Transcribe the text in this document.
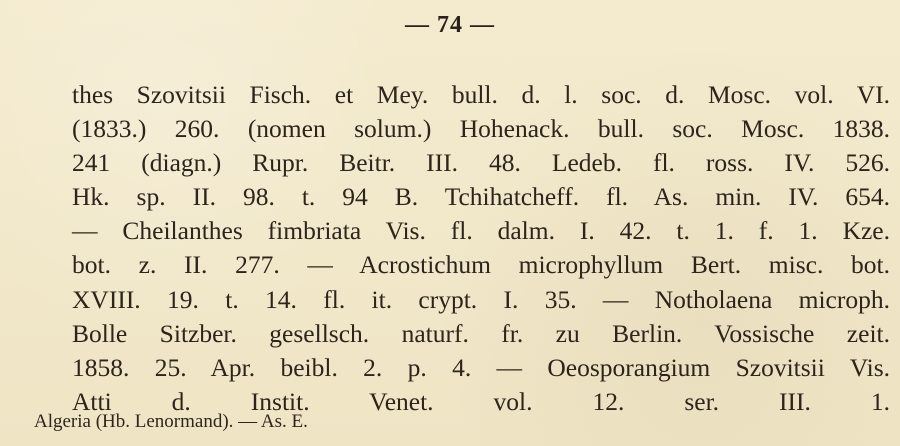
— 74 —
thes Szovitsii Fisch. et Mey. bull. d. l. soc. d. Mosc. vol. VI.
(1833.) 260. (nomen solum.) Hohenack. bull. soc. Mosc. 1838.
241 (diagn.) Rupr. Beitr. III. 48. Ledeb. fl. ross. IV. 526.
Hk. sp. II. 98. t. 94 B. Tchihatcheff. fl. As. min. IV. 654.
— Cheilanthes fimbriata Vis. fl. dalm. I. 42. t. 1. f. 1. Kze.
bot. z. II. 277. — Acrostichum microphyllum Bert. misc. bot.
XVIII. 19. t. 14. fl. it. crypt. I. 35. — Notholaena microph.
Bolle Sitzber. gesellsch. naturf. fr. zu Berlin. Vossische zeit.
1858. 25. Apr. beibl. 2. p. 4. — Oeosporangium Szovitsii Vis.
Atti d. Instit. Venet. vol. 12. ser. III. 1.
Algeria (Hb. Lenormand). — As. E.
